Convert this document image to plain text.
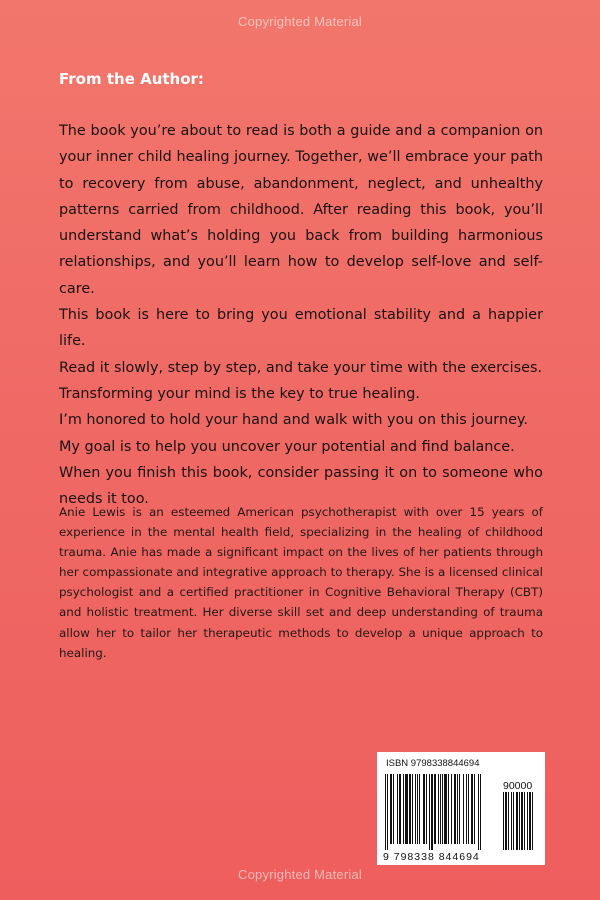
Copyrighted Material
From the Author:

The book you’re about to read is both a guide and a companion on your inner child healing journey. Together, we’ll embrace your path to recovery from abuse, abandonment, neglect, and unhealthy patterns carried from childhood. After reading this book, you’ll understand what’s holding you back from building harmonious relationships, and you’ll learn how to develop self-love and self-care.

This book is here to bring you emotional stability and a happier life.

Read it slowly, step by step, and take your time with the exercises.

Transforming your mind is the key to true healing.

I’m honored to hold your hand and walk with you on this journey.

My goal is to help you uncover your potential and find balance.

When you finish this book, consider passing it on to someone who needs it too.

Anie Lewis is an esteemed American psychotherapist with over 15 years of experience in the mental health field, specializing in the healing of childhood trauma. Anie has made a significant impact on the lives of her patients through her compassionate and integrative approach to therapy. She is a licensed clinical psychologist and a certified practitioner in Cognitive Behavioral Therapy (CBT) and holistic treatment. Her diverse skill set and deep understanding of trauma allow her to tailor her therapeutic methods to develop a unique approach to healing.

ISBN 9798338844694
90000
9 798338 844694
Copyrighted Material
